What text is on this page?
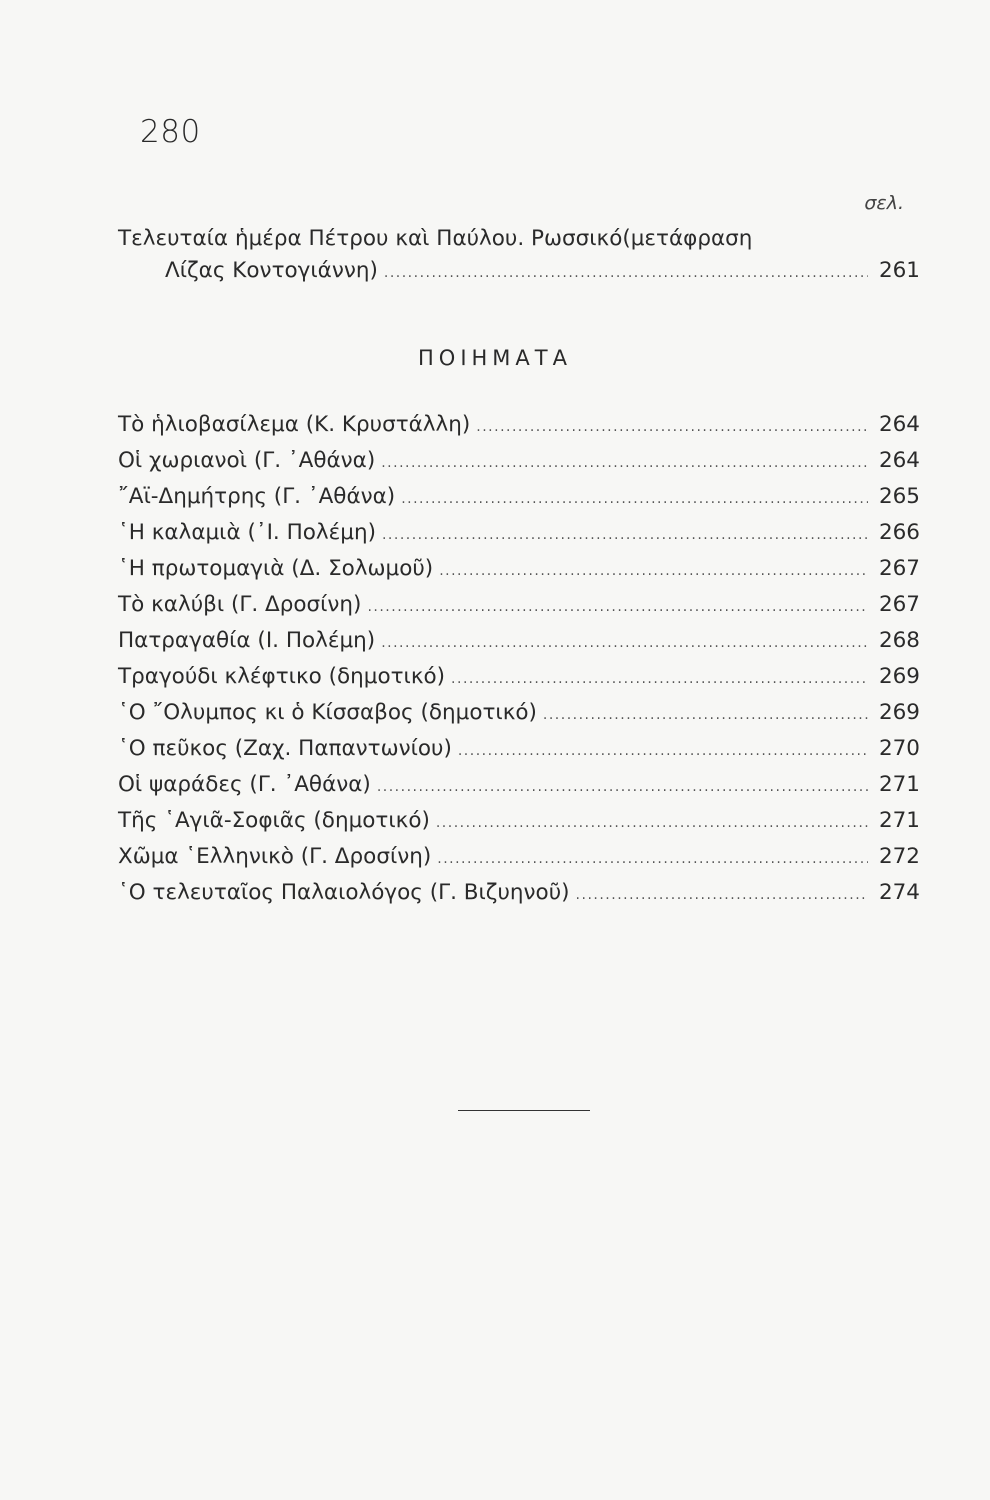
280
σελ.
Τελευταία ἡμέρα Πέτρου καὶ Παύλου. Ρωσσικό(μετάφραση
Λίζας Κοντογιάννη) .....	261
ΠΟΙΗΜΑΤΑ
Τὸ ἡλιοβασίλεμα (Κ. Κρυστάλλη) .....	264
Οἱ χωριανοὶ (Γ. ᾿Αθάνα) .....	264
῎Αϊ-Δημήτρης (Γ. ᾿Αθάνα) .....	265
῾Η καλαμιὰ (᾿Ι. Πολέμη) .....	266
῾Η πρωτομαγιὰ (Δ. Σολωμοῦ) .....	267
Τὸ καλύβι (Γ. Δροσίνη) .....	267
Πατραγαθία (Ι. Πολέμη) .....	268
Τραγούδι κλέφτικο (δημοτικό) .....	269
῾Ο ῎Ολυμπος κι ὁ Κίσσαβος (δημοτικό) .....	269
῾Ο πεῦκος (Ζαχ. Παπαντωνίου) .....	270
Οἱ ψαράδες (Γ. ᾿Αθάνα) .....	271
Τῆς ῾Αγιᾶ-Σοφιᾶς (δημοτικό) .....	271
Χῶμα ῾Ελληνικὸ (Γ. Δροσίνη) .....	272
῾Ο τελευταῖος Παλαιολόγος (Γ. Βιζυηνοῦ) .....	274
